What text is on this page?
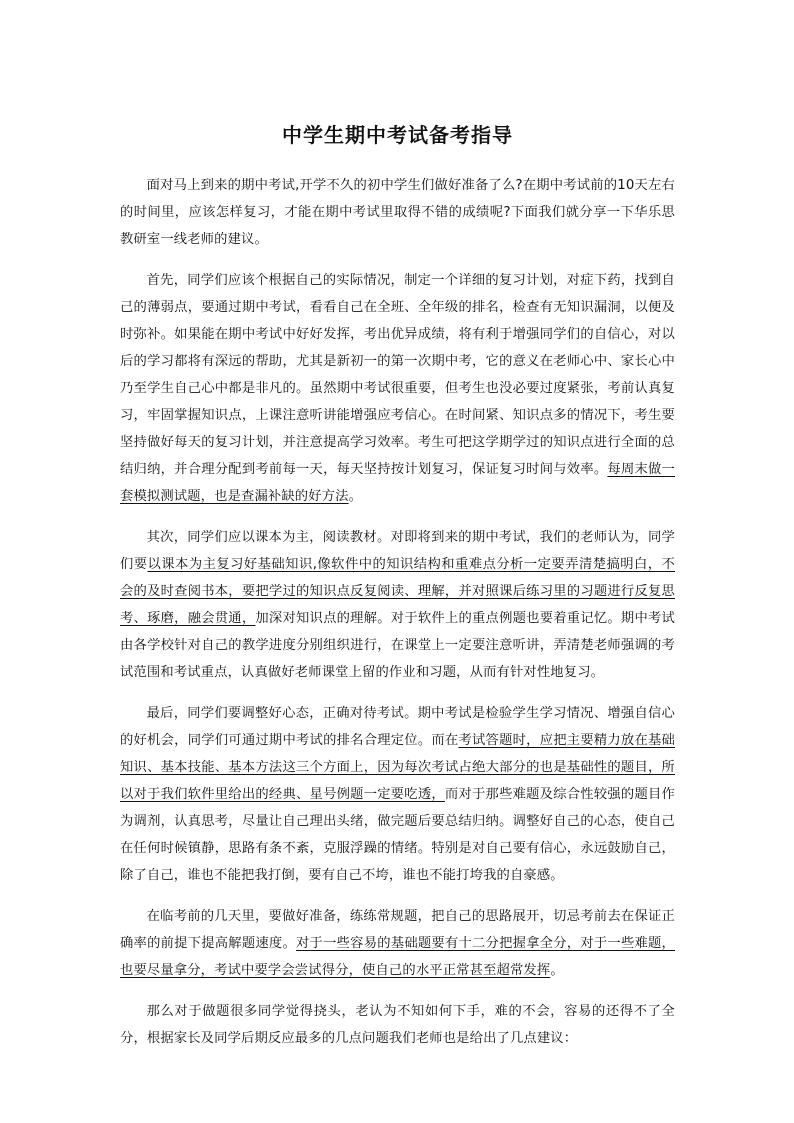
中学生期中考试备考指导

面对马上到来的期中考试,开学不久的初中学生们做好准备了么?在期中考试前的10天左右的时间里，应该怎样复习，才能在期中考试里取得不错的成绩呢?下面我们就分享一下华乐思教研室一线老师的建议。

首先，同学们应该个根据自己的实际情况，制定一个详细的复习计划，对症下药，找到自己的薄弱点，要通过期中考试，看看自己在全班、全年级的排名，检查有无知识漏洞，以便及时弥补。如果能在期中考试中好好发挥，考出优异成绩，将有利于增强同学们的自信心，对以后的学习都将有深远的帮助，尤其是新初一的第一次期中考，它的意义在老师心中、家长心中乃至学生自己心中都是非凡的。虽然期中考试很重要，但考生也没必要过度紧张，考前认真复习，牢固掌握知识点，上课注意听讲能增强应考信心。在时间紧、知识点多的情况下，考生要坚持做好每天的复习计划，并注意提高学习效率。考生可把这学期学过的知识点进行全面的总结归纳，并合理分配到考前每一天，每天坚持按计划复习，保证复习时间与效率。每周末做一套模拟测试题，也是查漏补缺的好方法。

其次，同学们应以课本为主，阅读教材。对即将到来的期中考试，我们的老师认为，同学们要以课本为主复习好基础知识,像软件中的知识结构和重难点分析一定要弄清楚搞明白，不会的及时查阅书本，要把学过的知识点反复阅读、理解，并对照课后练习里的习题进行反复思考、琢磨，融会贯通，加深对知识点的理解。对于软件上的重点例题也要着重记忆。期中考试由各学校针对自己的教学进度分别组织进行，在课堂上一定要注意听讲，弄清楚老师强调的考试范围和考试重点，认真做好老师课堂上留的作业和习题，从而有针对性地复习。

最后，同学们要调整好心态，正确对待考试。期中考试是检验学生学习情况、增强自信心的好机会，同学们可通过期中考试的排名合理定位。而在考试答题时，应把主要精力放在基础知识、基本技能、基本方法这三个方面上，因为每次考试占绝大部分的也是基础性的题目，所以对于我们软件里给出的经典、星号例题一定要吃透，而对于那些难题及综合性较强的题目作为调剂，认真思考，尽量让自己理出头绪，做完题后要总结归纳。调整好自己的心态，使自己在任何时候镇静，思路有条不紊，克服浮躁的情绪。特别是对自己要有信心，永远鼓励自己，除了自己，谁也不能把我打倒，要有自己不垮，谁也不能打垮我的自豪感。

在临考前的几天里，要做好准备，练练常规题，把自己的思路展开，切忌考前去在保证正确率的前提下提高解题速度。对于一些容易的基础题要有十二分把握拿全分，对于一些难题，也要尽量拿分，考试中要学会尝试得分，使自己的水平正常甚至超常发挥。

那么对于做题很多同学觉得挠头，老认为不知如何下手，难的不会，容易的还得不了全分，根据家长及同学后期反应最多的几点问题我们老师也是给出了几点建议：
